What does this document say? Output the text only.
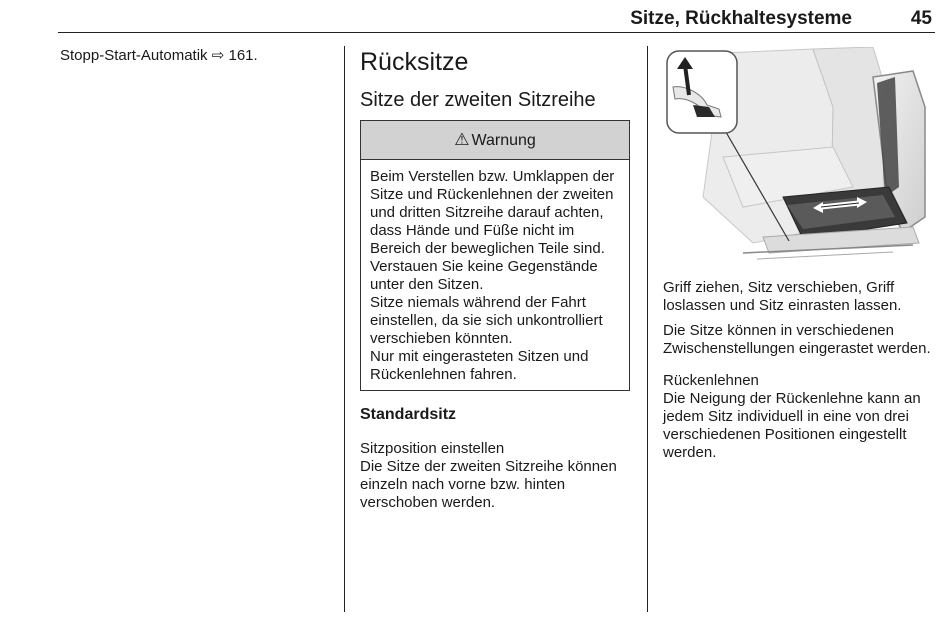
Sitze, Rückhaltesysteme	45

Stopp-Start-Automatik ⇨ 161.	Rücksitze
Sitze der zweiten Sitzreihe
⚠ Warnung

Beim Verstellen bzw. Umklappen der Sitze und Rückenlehnen der zweiten und dritten Sitzreihe darauf achten, dass Hände und Füße nicht im Bereich der beweglichen Teile sind.

Verstauen Sie keine Gegenstände unter den Sitzen.

Sitze niemals während der Fahrt einstellen, da sie sich unkontrolliert verschieben könnten.

Nur mit eingerasteten Sitzen und Rückenlehnen fahren.

Standardsitz
Sitzposition einstellen

Die Sitze der zweiten Sitzreihe können einzeln nach vorne bzw. hinten verschoben werden.

Griff ziehen, Sitz verschieben, Griff loslassen und Sitz einrasten lassen.

Die Sitze können in verschiedenen Zwischenstellungen eingerastet werden.

Rückenlehnen

Die Neigung der Rückenlehne kann an jedem Sitz individuell in eine von drei verschiedenen Positionen eingestellt werden.
